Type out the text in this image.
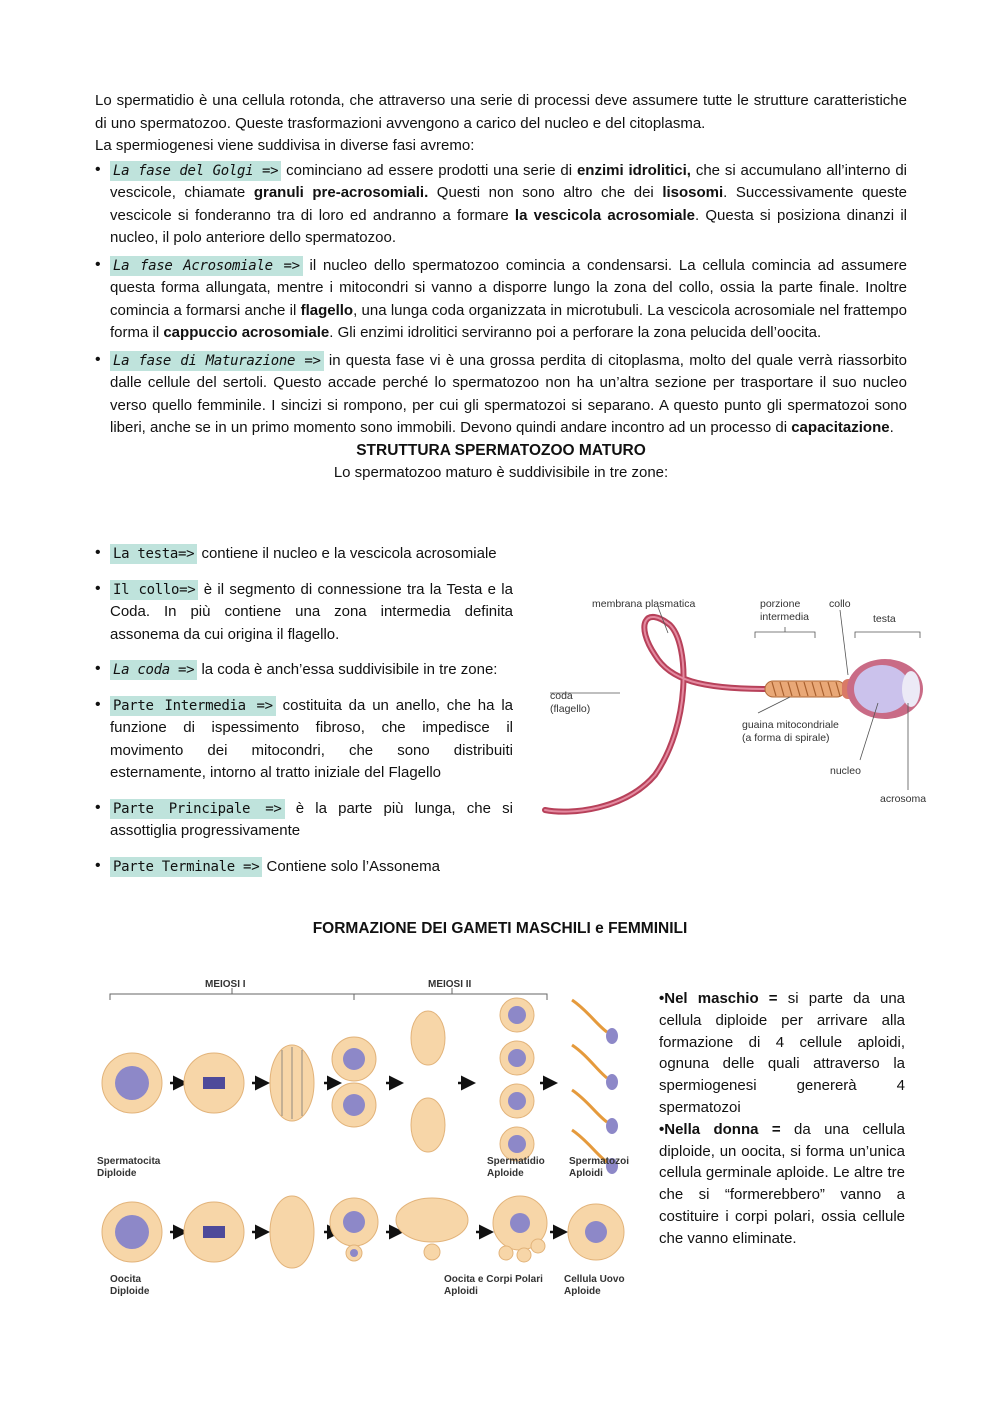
Lo spermatidio è una cellula rotonda, che attraverso una serie di processi deve assumere tutte le strutture caratteristiche di uno spermatozoo. Queste trasformazioni avvengono a carico del nucleo e del citoplasma.
La spermiogenesi viene suddivisa in diverse fasi avremo:

• La fase del Golgi => cominciano ad essere prodotti una serie di enzimi idrolitici, che si accumulano all’interno di vescicole, chiamate granuli pre-acrosomiali. Questi non sono altro che dei lisosomi. Successivamente queste vescicole si fonderanno tra di loro ed andranno a formare la vescicola acrosomiale. Questa si posiziona dinanzi il nucleo, il polo anteriore dello spermatozoo.
• La fase Acrosomiale => il nucleo dello spermatozoo comincia a condensarsi. La cellula comincia ad assumere questa forma allungata, mentre i mitocondri si vanno a disporre lungo la zona del collo, ossia la parte finale. Inoltre comincia a formarsi anche il flagello, una lunga coda organizzata in microtubuli. La vescicola acrosomiale nel frattempo forma il cappuccio acrosomiale. Gli enzimi idrolitici serviranno poi a perforare la zona pelucida dell’oocita.
• La fase di Maturazione => in questa fase vi è una grossa perdita di citoplasma, molto del quale verrà riassorbito dalle cellule del sertoli. Questo accade perché lo spermatozoo non ha un’altra sezione per trasportare il suo nucleo verso quello femminile. I sincizi si rompono, per cui gli spermatozoi si separano. A questo punto gli spermatozoi sono liberi, anche se in un primo momento sono immobili. Devono quindi andare incontro ad un processo di capacitazione.
STRUTTURA SPERMATOZOO MATURO
Lo spermatozoo maturo è suddivisibile in tre zone:
• La testa=> contiene il nucleo e la vescicola acrosomiale
• Il collo=> è il segmento di connessione tra la Testa e la Coda. In più contiene una zona intermedia definita assonema da cui origina il flagello.
• La coda => la coda è anch’essa suddivisibile in tre zone:
• Parte Intermedia => costituita da un anello, che ha la funzione di ispessimento fibroso, che impedisce il movimento dei mitocondri, che sono distribuiti esternamente, intorno al tratto iniziale del Flagello
• Parte Principale => è la parte più lunga, che si assottiglia progressivamente
• Parte Terminale => Contiene solo l’Assonema
membrana plasmatica	porzione
intermedia
collo
testa
coda
(flagello)
guaina mitocondriale
(a forma di spirale)
nucleo
acrosoma
FORMAZIONE DEI GAMETI MASCHILI e FEMMINILI
MEIOSI I	MEIOSI II
Spermatocita
Diploide
Spermatidio
Aploide
Spermatozoi
Aploidi
Oocita
Diploide
Oocita e Corpi Polari
Aploidi
Cellula Uovo
Aploide

•Nel maschio = si parte da una cellula diploide per arrivare alla formazione di 4 cellule aploidi, ognuna delle quali attraverso la spermiogenesi genererà 4 spermatozoi

•Nella donna = da una cellula diploide, un oocita, si forma un’unica cellula germinale aploide. Le altre tre che si “formerebbero” vanno a costituire i corpi polari, ossia cellule che vanno eliminate.
